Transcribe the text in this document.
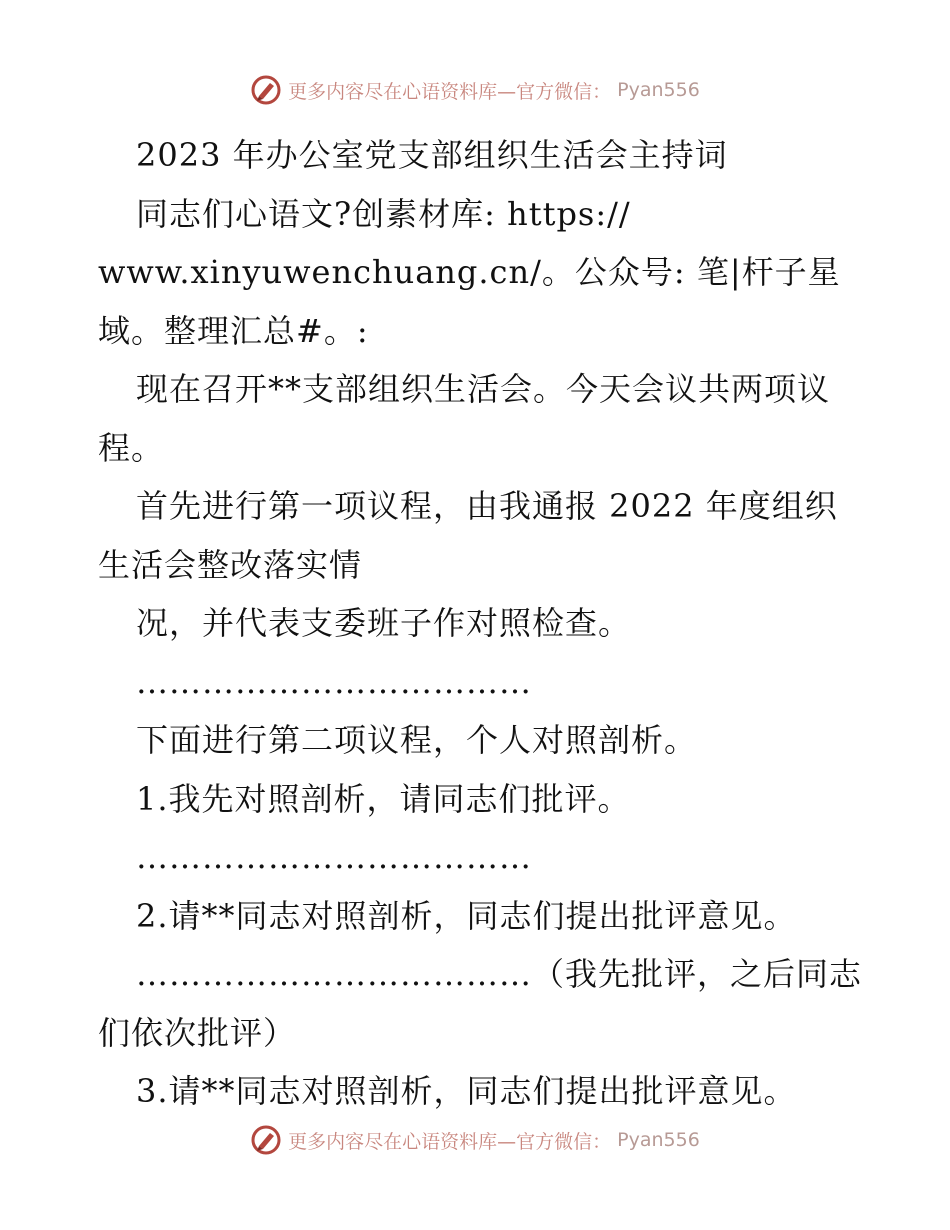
更多内容尽在心语资料库—官方微信： Pyan556
2023 年办公室党支部组织生活会主持词
同志们心语文?创素材库: https://
www.xinyuwenchuang.cn/。公众号: 笔|杆子星
域。整理汇总#。:
现在召开**支部组织生活会。今天会议共两项议
程。
首先进行第一项议程，由我通报 2022 年度组织
生活会整改落实情
况，并代表支委班子作对照检查。
………………………………
下面进行第二项议程，个人对照剖析。
1.我先对照剖析，请同志们批评。
………………………………
2.请**同志对照剖析，同志们提出批评意见。
………………………………（我先批评，之后同志
们依次批评）
3.请**同志对照剖析，同志们提出批评意见。
更多内容尽在心语资料库—官方微信： Pyan556
